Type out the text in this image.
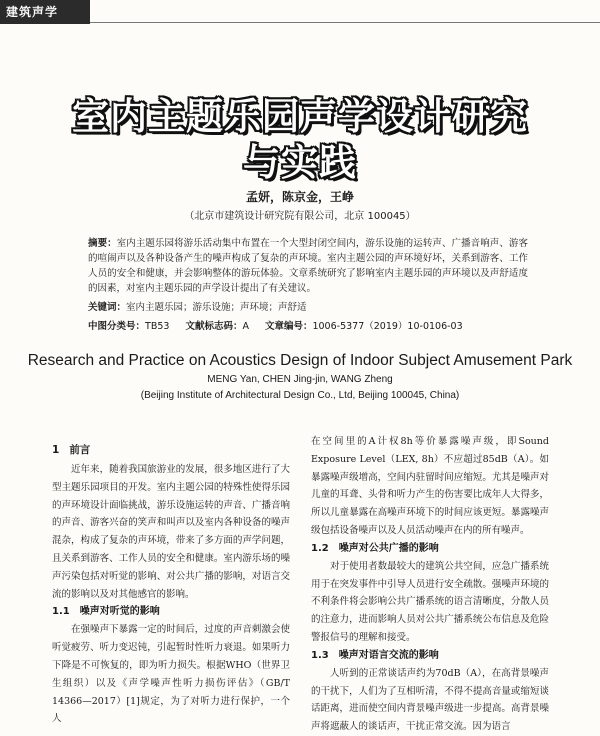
建筑声学
室内主题乐园声学设计研究
与实践
孟妍，陈京金，王峥
（北京市建筑设计研究院有限公司，北京 100045）
摘要：室内主题乐园将游乐活动集中布置在一个大型封闭空间内，游乐设施的运转声、广播音响声、游客的喧闹声以及各种设备产生的噪声构成了复杂的声环境。室内主题公园的声环境好坏，关系到游客、工作人员的安全和健康，并会影响整体的游玩体验。文章系统研究了影响室内主题乐园的声环境以及声舒适度的因素，对室内主题乐园的声学设计提出了有关建议。
关键词：室内主题乐园；游乐设施；声环境；声舒适
中图分类号：TB53 文献标志码：A 文章编号：1006-5377（2019）10-0106-03
Research and Practice on Acoustics Design of Indoor Subject Amusement Park
MENG Yan, CHEN Jing-jin, WANG Zheng
(Beijing Institute of Architectural Design Co., Ltd, Beijing 100045, China)
1 前言

近年来，随着我国旅游业的发展，很多地区进行了大型主题乐园项目的开发。室内主题公园的特殊性使得乐园的声环境设计面临挑战，游乐设施运转的声音、广播音响的声音、游客兴奋的笑声和叫声以及室内各种设备的噪声混杂，构成了复杂的声环境，带来了多方面的声学问题，且关系到游客、工作人员的安全和健康。室内游乐场的噪声污染包括对听觉的影响、对公共广播的影响，对语言交流的影响以及对其他感官的影响。

1.1　噪声对听觉的影响

在强噪声下暴露一定的时间后，过度的声音刺激会使听觉疲劳、听力变迟钝，引起暂时性听力衰退。如果听力下降是不可恢复的，即为听力损失。根据WHO（世界卫生组织）以及《声学噪声性听力损伤评估》（GB/T 14366—2017）[1]规定，为了对听力进行保护，一个人

在空间里的A计权8h等价暴露噪声级，即Sound Exposure Level（LEX, 8h）不应超过85dB（A）。如暴露噪声级增高，空间内驻留时间应缩短。尤其是噪声对儿童的耳聋、头骨和听力产生的伤害要比成年人大得多，所以儿童暴露在高噪声环境下的时间应该更短。暴露噪声级包括设备噪声以及人员活动噪声在内的所有噪声。

1.2　噪声对公共广播的影响

对于使用者数最较大的建筑公共空间，应急广播系统用于在突发事件中引导人员进行安全疏散。强噪声环境的不利条件将会影响公共广播系统的语言清晰度，分散人员的注意力，进而影响人员对公共广播系统公布信息及危险警报信号的理解和接受。

1.3　噪声对语言交流的影响

人听到的正常谈话声约为70dB（A），在高背景噪声的干扰下，人们为了互相听清，不得不提高音量或缩短谈话距离，进而使空间内背景噪声级进一步提高。高背景噪声将遮蔽人的谈话声，干扰正常交流。因为语言
